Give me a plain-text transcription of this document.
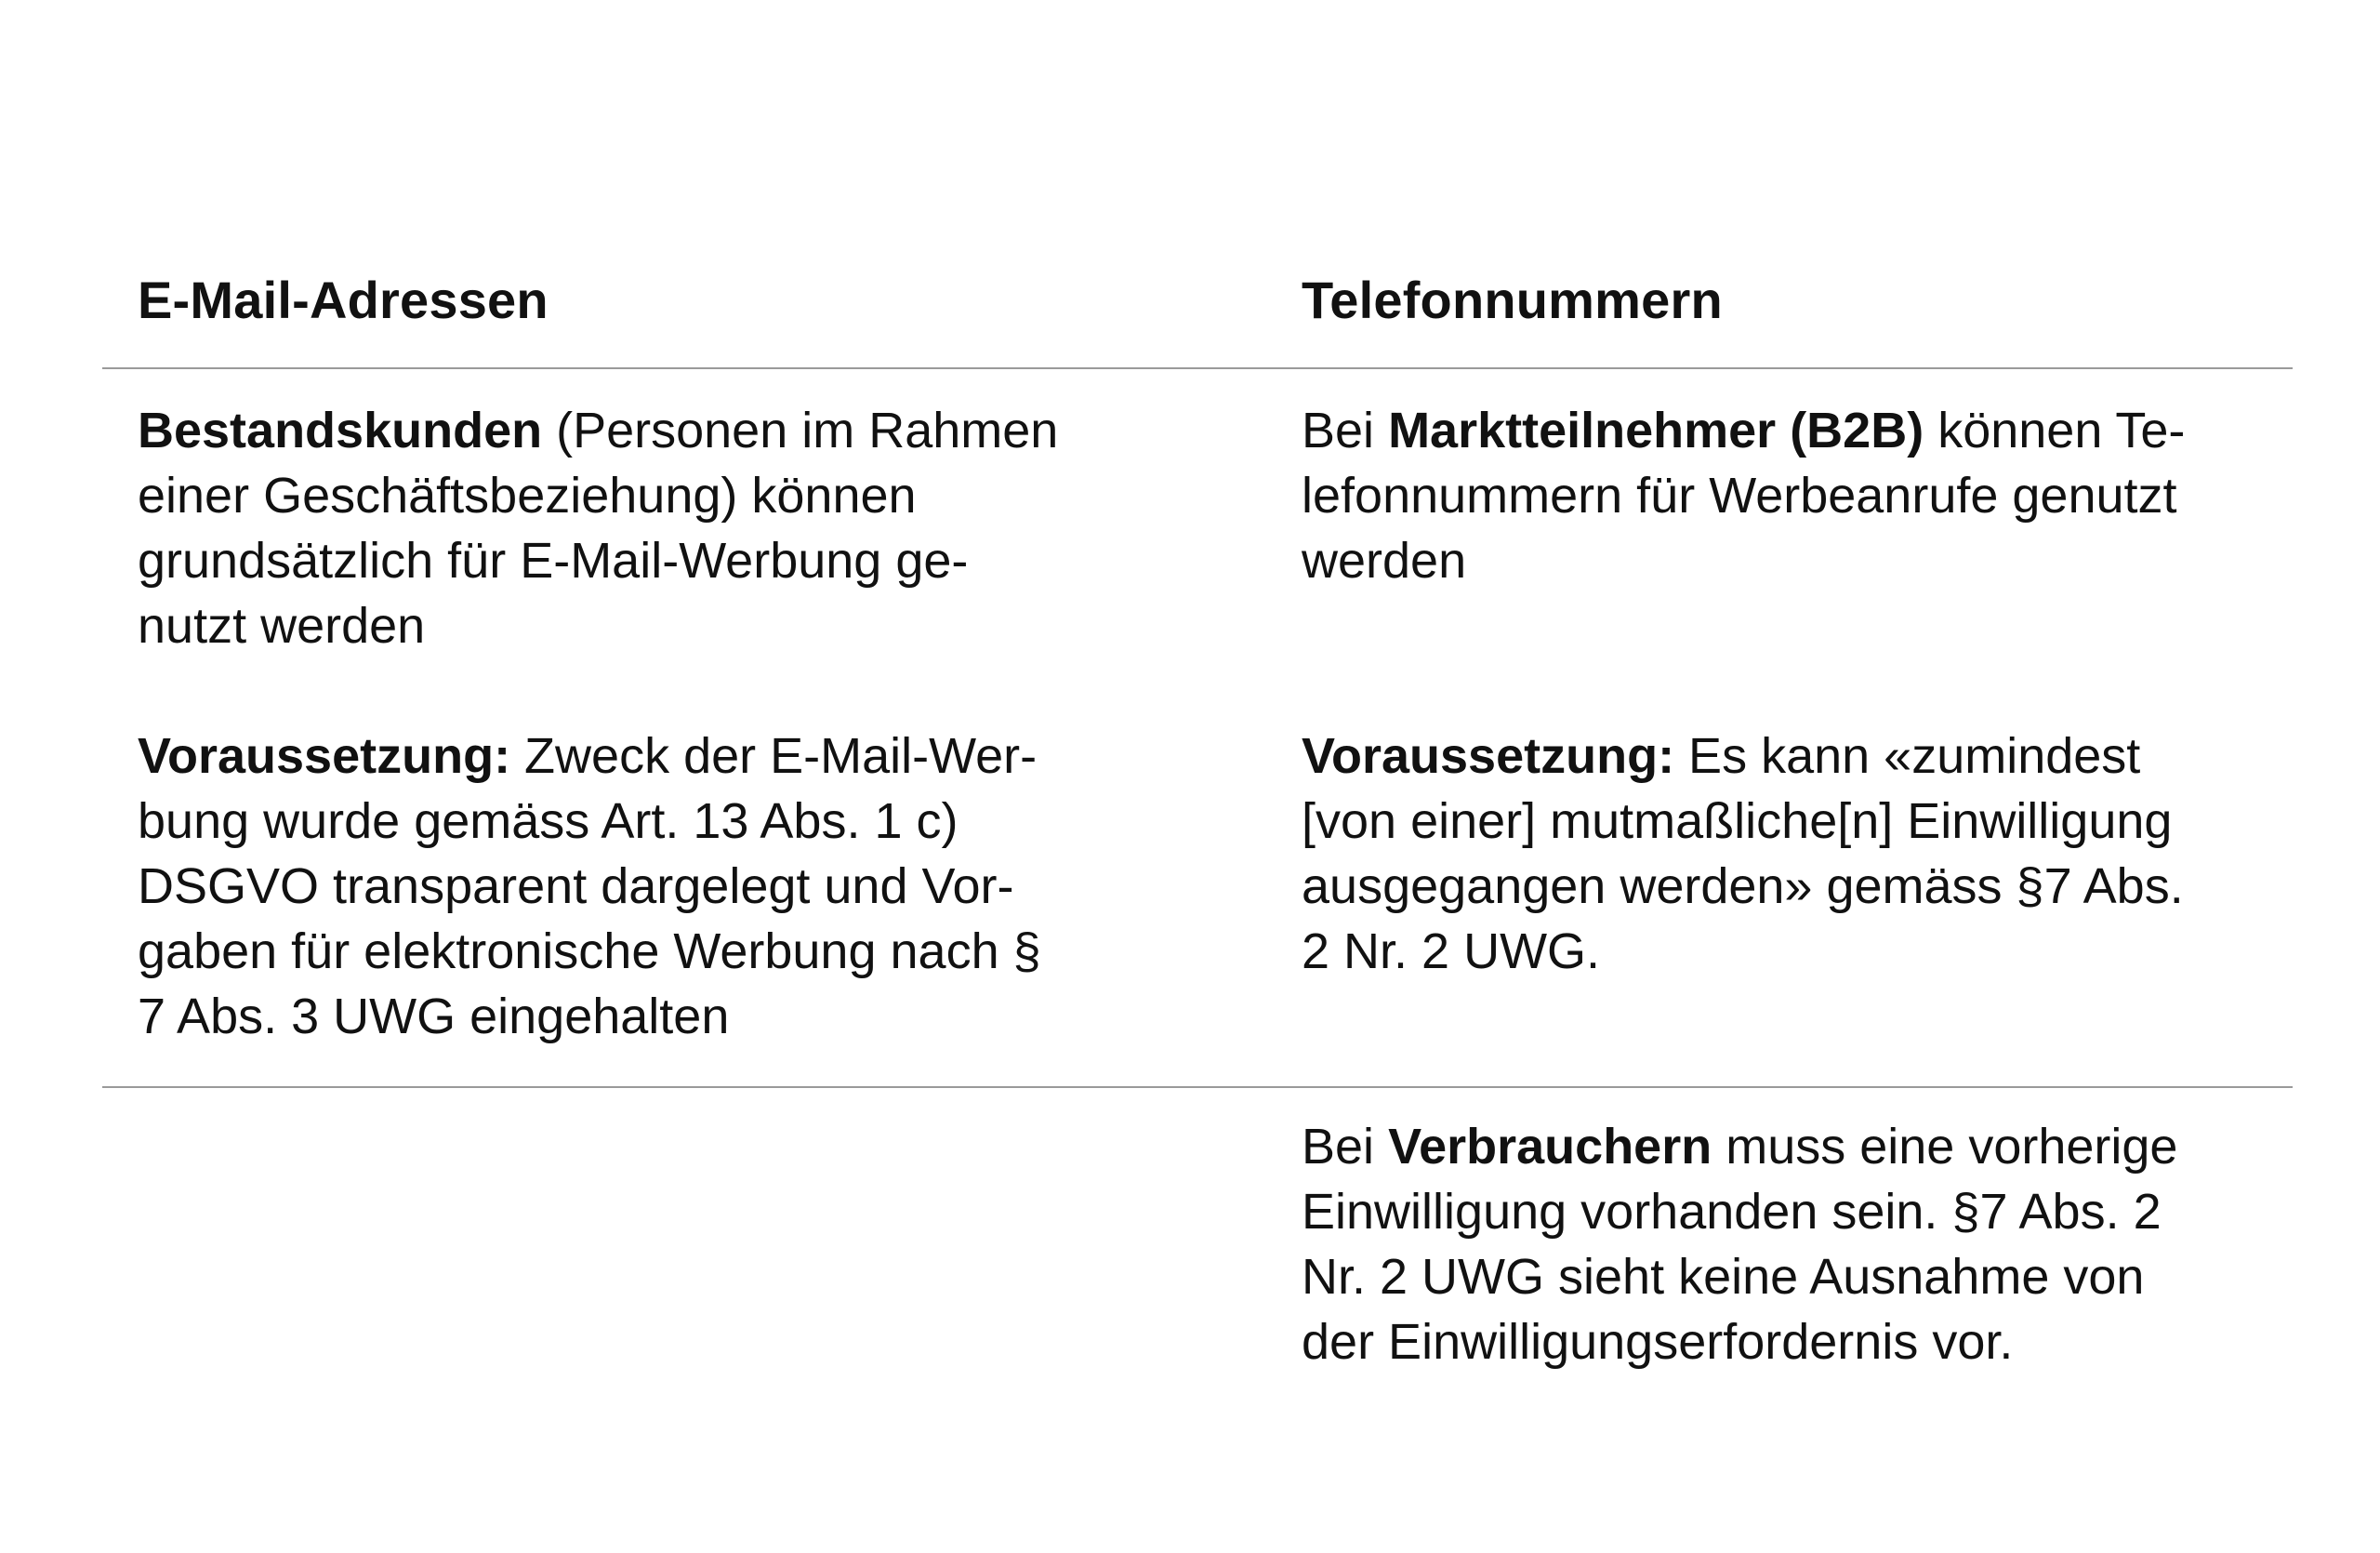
E-Mail-Adressen	Telefonnummern

Bestandskunden (Personen im Rahmen
einer Geschäftsbeziehung) können
grundsätzlich für E-Mail-Werbung ge-
nutzt werden

Voraussetzung: Zweck der E-Mail-Wer-
bung wurde gemäss Art. 13 Abs. 1 c)
DSGVO transparent dargelegt und Vor-
gaben für elektronische Werbung nach §
7 Abs. 3 UWG eingehalten

Bei Marktteilnehmer (B2B) können Te-
lefonnummern für Werbeanrufe genutzt
werden

Voraussetzung: Es kann «zumindest
[von einer] mutmaßliche[n] Einwilligung
ausgegangen werden» gemäss §7 Abs.
2 Nr. 2 UWG.

Bei Verbrauchern muss eine vorherige
Einwilligung vorhanden sein. §7 Abs. 2
Nr. 2 UWG sieht keine Ausnahme von
der Einwilligungserfordernis vor.
